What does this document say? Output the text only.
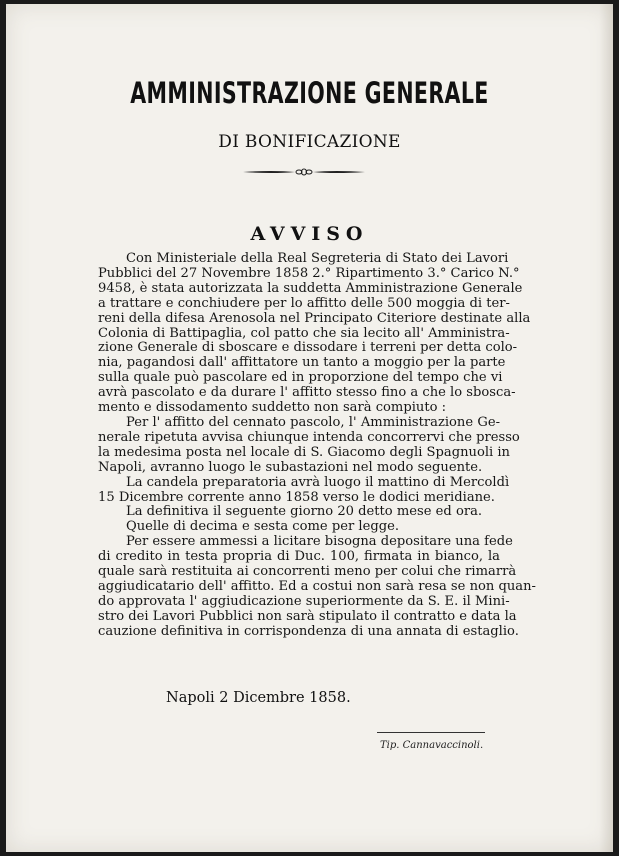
AMMINISTRAZIONE GENERALE
DI BONIFICAZIONE
AVVISO
Con Ministeriale della Real Segreteria di Stato dei Lavori
Pubblici del 27 Novembre 1858 2.° Ripartimento 3.° Carico N.°
9458, è stata autorizzata la suddetta Amministrazione Generale
a trattare e conchiudere per lo affitto delle 500 moggia di ter-
reni della difesa Arenosola nel Principato Citeriore destinate alla
Colonia di Battipaglia, col patto che sia lecito all' Amministra-
zione Generale di sboscare e dissodare i terreni per detta colo-
nia, pagandosi dall' affittatore un tanto a moggio per la parte
sulla quale può pascolare ed in proporzione del tempo che vi
avrà pascolato e da durare l' affitto stesso fino a che lo sbosca-
mento e dissodamento suddetto non sarà compiuto :
Per l' affitto del cennato pascolo, l' Amministrazione Ge-
nerale ripetuta avvisa chiunque intenda concorrervi che presso
la medesima posta nel locale di S. Giacomo degli Spagnuoli in
Napoli, avranno luogo le subastazioni nel modo seguente.
La candela preparatoria avrà luogo il mattino di Mercoldì
15 Dicembre corrente anno 1858 verso le dodici meridiane.
La definitiva il seguente giorno 20 detto mese ed ora.
Quelle di decima e sesta come per legge.
Per essere ammessi a licitare bisogna depositare una fede
di credito in testa propria di Duc. 100, firmata in bianco, la
quale sarà restituita ai concorrenti meno per colui che rimarrà
aggiudicatario dell' affitto. Ed a costui non sarà resa se non quan-
do approvata l' aggiudicazione superiormente da S. E. il Mini-
stro dei Lavori Pubblici non sarà stipulato il contratto e data la
cauzione definitiva in corrispondenza di una annata di estaglio.
Napoli 2 Dicembre 1858.
Tip. Cannavaccinoli.
